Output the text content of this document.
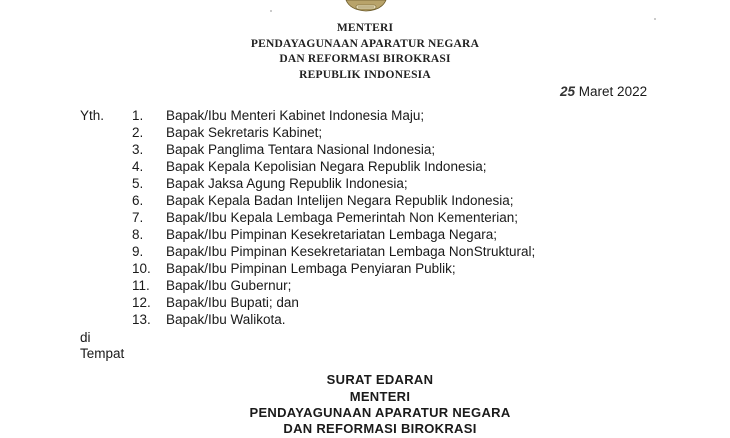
MENTERI
PENDAYAGUNAAN APARATUR NEGARA
DAN REFORMASI BIROKRASI
REPUBLIK INDONESIA
25 Maret 2022
Yth. 1.	Bapak/Ibu Menteri Kabinet Indonesia Maju;
2.	Bapak Sekretaris Kabinet;
3.	Bapak Panglima Tentara Nasional Indonesia;
4.	Bapak Kepala Kepolisian Negara Republik Indonesia;
5.	Bapak Jaksa Agung Republik Indonesia;
6.	Bapak Kepala Badan Intelijen Negara Republik Indonesia;
7.	Bapak/Ibu Kepala Lembaga Pemerintah Non Kementerian;
8.	Bapak/Ibu Pimpinan Kesekretariatan Lembaga Negara;
9.	Bapak/Ibu Pimpinan Kesekretariatan Lembaga NonStruktural;
10.	Bapak/Ibu Pimpinan Lembaga Penyiaran Publik;
11.	Bapak/Ibu Gubernur;
12.	Bapak/Ibu Bupati; dan
13.	Bapak/Ibu Walikota.
di
Tempat
SURAT EDARAN
MENTERI
PENDAYAGUNAAN APARATUR NEGARA
DAN REFORMASI BIROKRASI
